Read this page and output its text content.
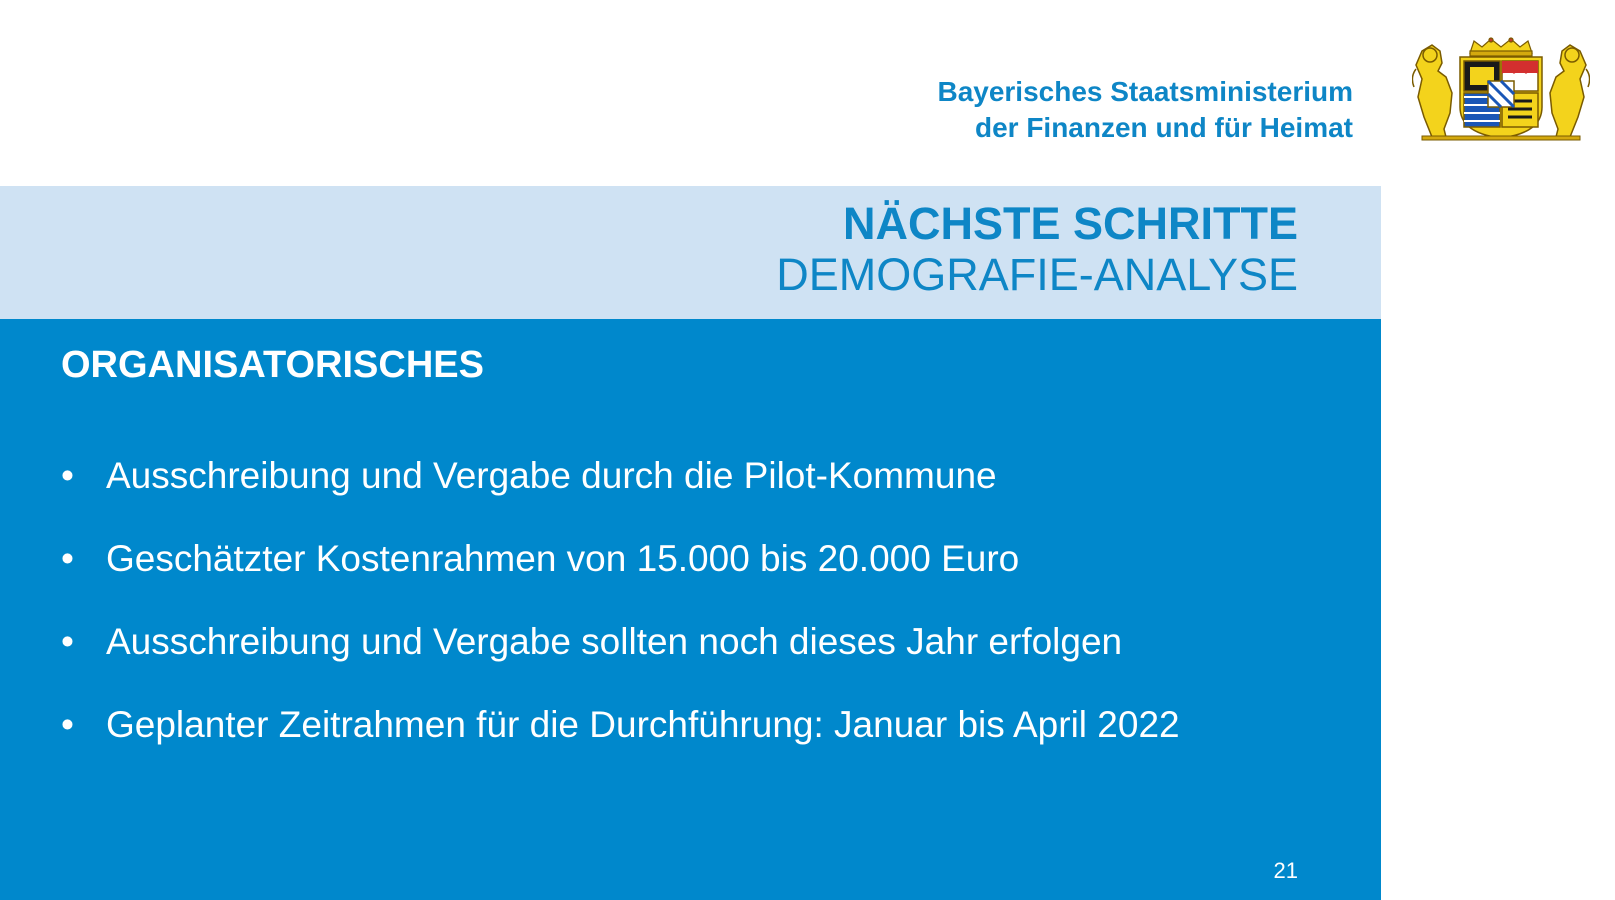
Bayerisches Staatsministerium
der Finanzen und für Heimat
NÄCHSTE SCHRITTE
DEMOGRAFIE-ANALYSE
ORGANISATORISCHES
• Ausschreibung und Vergabe durch die Pilot-Kommune
• Geschätzter Kostenrahmen von 15.000 bis 20.000 Euro
• Ausschreibung und Vergabe sollten noch dieses Jahr erfolgen
• Geplanter Zeitrahmen für die Durchführung: Januar bis April 2022
21
